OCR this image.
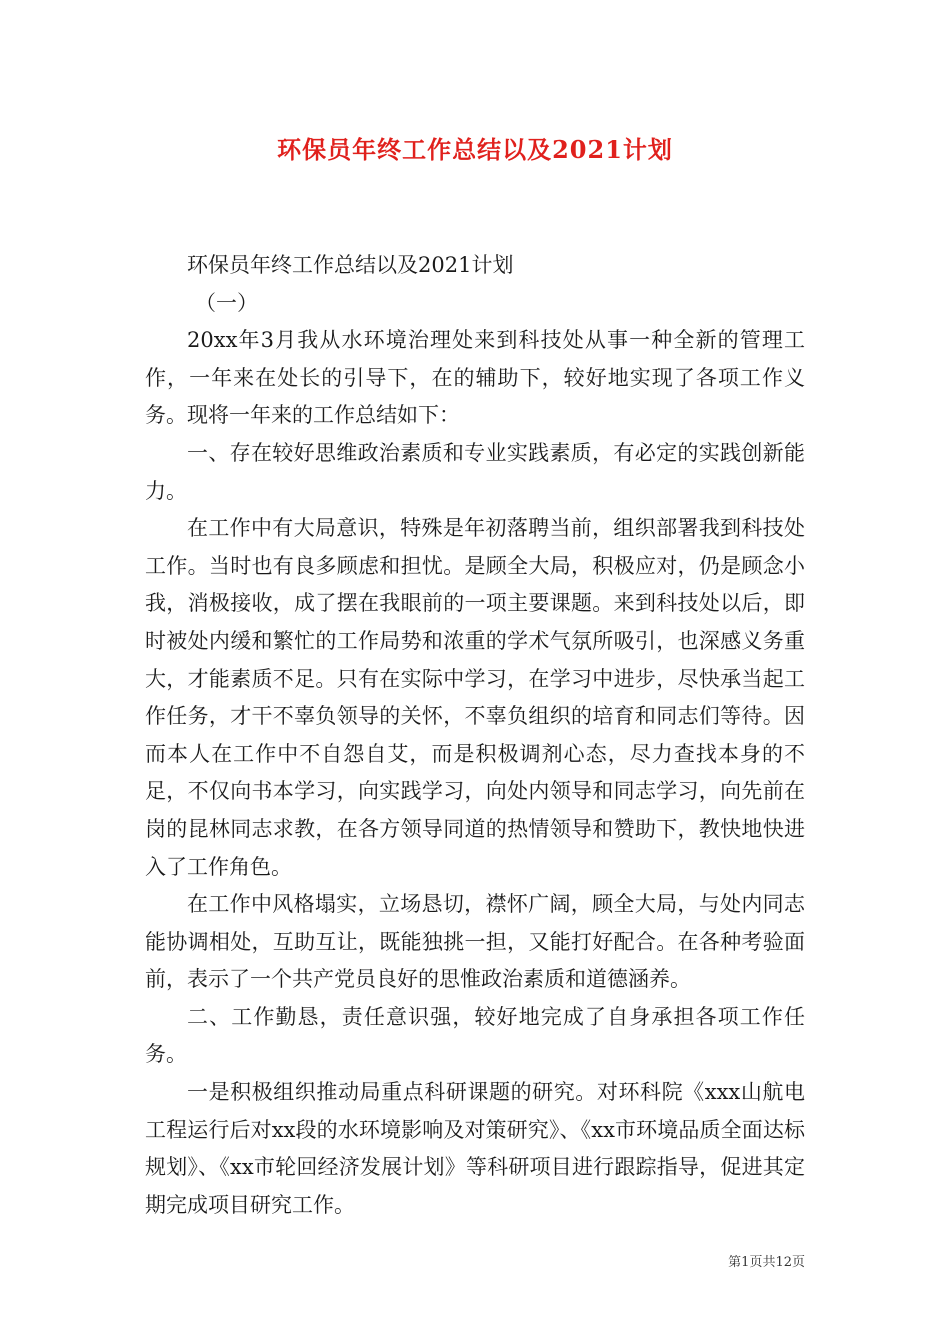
环保员年终工作总结以及2021计划

环保员年终工作总结以及2021计划

（一）

20xx年3月我从水环境治理处来到科技处从事一种全新的管理工作，一年来在处长的引导下，在的辅助下，较好地实现了各项工作义务。现将一年来的工作总结如下：

一、存在较好思维政治素质和专业实践素质，有必定的实践创新能力。

在工作中有大局意识，特殊是年初落聘当前，组织部署我到科技处工作。当时也有良多顾虑和担忧。是顾全大局，积极应对，仍是顾念小我，消极接收，成了摆在我眼前的一项主要课题。来到科技处以后，即时被处内缓和繁忙的工作局势和浓重的学术气氛所吸引，也深感义务重大，才能素质不足。只有在实际中学习，在学习中进步，尽快承当起工作任务，才干不辜负领导的关怀，不辜负组织的培育和同志们等待。因而本人在工作中不自怨自艾，而是积极调剂心态，尽力查找本身的不足，不仅向书本学习，向实践学习，向处内领导和同志学习，向先前在岗的昆林同志求教，在各方领导同道的热情领导和赞助下，教快地快进入了工作角色。

在工作中风格塌实，立场恳切，襟怀广阔，顾全大局，与处内同志能协调相处，互助互让，既能独挑一担，又能打好配合。在各种考验面前，表示了一个共产党员良好的思惟政治素质和道德涵养。

二、工作勤恳，责任意识强，较好地完成了自身承担各项工作任务。

一是积极组织推动局重点科研课题的研究。对环科院《xxx山航电工程运行后对xx段的水环境影响及对策研究》、《xx市环境品质全面达标规划》、《xx市轮回经济发展计划》等科研项目进行跟踪指导，促进其定期完成项目研究工作。

第1页共12页
